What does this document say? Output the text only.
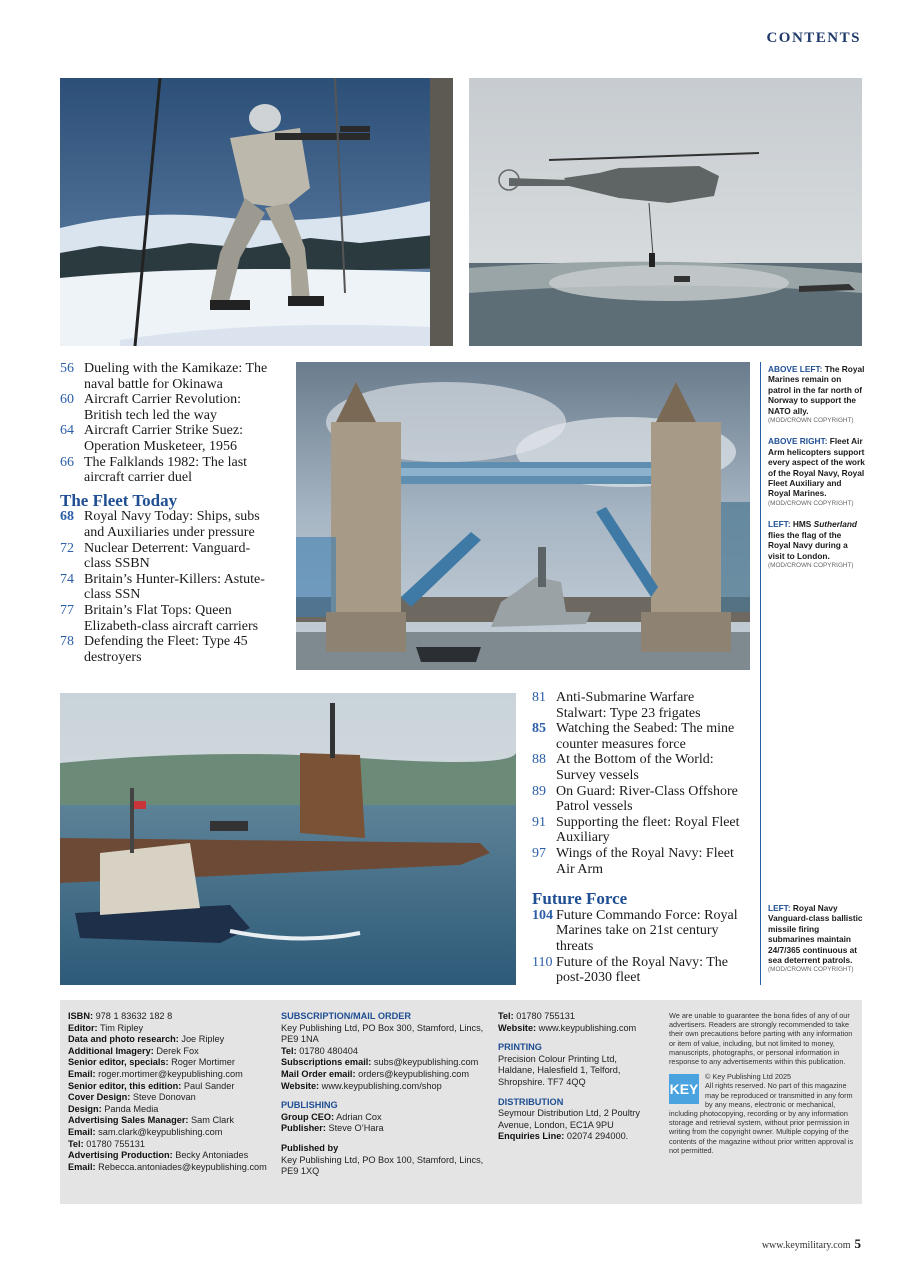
CONTENTS
56 Dueling with the Kamikaze: The naval battle for Okinawa
60 Aircraft Carrier Revolution: British tech led the way
64 Aircraft Carrier Strike Suez: Operation Musketeer, 1956
66 The Falklands 1982: The last aircraft carrier duel
The Fleet Today
68 Royal Navy Today: Ships, subs and Auxiliaries under pressure
72 Nuclear Deterrent: Vanguard-class SSBN
74 Britain’s Hunter-Killers: Astute-class SSN
77 Britain’s Flat Tops: Queen Elizabeth-class aircraft carriers
78 Defending the Fleet: Type 45 destroyers
ABOVE LEFT: The Royal Marines remain on patrol in the far north of Norway to support the NATO ally.
(MOD/CROWN COPYRIGHT)
ABOVE RIGHT: Fleet Air Arm helicopters support every aspect of the work of the Royal Navy, Royal Fleet Auxiliary and Royal Marines.
(MOD/CROWN COPYRIGHT)
LEFT: HMS Sutherland flies the flag of the Royal Navy during a visit to London.
(MOD/CROWN COPYRIGHT)
LEFT: Royal Navy Vanguard-class ballistic missile firing submarines maintain 24/7/365 continuous at sea deterrent patrols.
(MOD/CROWN COPYRIGHT)
81 Anti-Submarine Warfare Stalwart: Type 23 frigates
85 Watching the Seabed: The mine counter measures force
88 At the Bottom of the World: Survey vessels
89 On Guard: River-Class Offshore Patrol vessels
91 Supporting the fleet: Royal Fleet Auxiliary
97 Wings of the Royal Navy: Fleet Air Arm
Future Force
104 Future Commando Force: Royal Marines take on 21st century threats
110 Future of the Royal Navy: The post-2030 fleet
ISBN: 978 1 83632 182 8
Editor: Tim Ripley
Data and photo research: Joe Ripley
Additional Imagery: Derek Fox
Senior editor, specials: Roger Mortimer
Email: roger.mortimer@keypublishing.com
Senior editor, this edition: Paul Sander
Cover Design: Steve Donovan
Design: Panda Media
Advertising Sales Manager: Sam Clark
Email: sam.clark@keypublishing.com
Tel: 01780 755131
Advertising Production: Becky Antoniades
Email: Rebecca.antoniades@keypublishing.com
SUBSCRIPTION/MAIL ORDER
Key Publishing Ltd, PO Box 300, Stamford, Lincs, PE9 1NA
Tel: 01780 480404
Subscriptions email: subs@keypublishing.com
Mail Order email: orders@keypublishing.com
Website: www.keypublishing.com/shop
PUBLISHING
Group CEO: Adrian Cox
Publisher: Steve O’Hara
Published by
Key Publishing Ltd, PO Box 100, Stamford, Lincs, PE9 1XQ
Tel: 01780 755131
Website: www.keypublishing.com
PRINTING
Precision Colour Printing Ltd, Haldane, Halesfield 1, Telford, Shropshire. TF7 4QQ
DISTRIBUTION
Seymour Distribution Ltd, 2 Poultry Avenue, London, EC1A 9PU
Enquiries Line: 02074 294000.
We are unable to guarantee the bona fides of any of our advertisers. Readers are strongly recommended to take their own precautions before parting with any information or item of value, including, but not limited to money, manuscripts, photographs, or personal information in response to any advertisements within this publication.
KEY
© Key Publishing Ltd 2025
All rights reserved. No part of this magazine may be reproduced or transmitted in any form by any means, electronic or mechanical, including photocopying, recording or by any information storage and retrieval system, without prior permission in writing from the copyright owner. Multiple copying of the contents of the magazine without prior written approval is not permitted.
www.keymilitary.com 5
